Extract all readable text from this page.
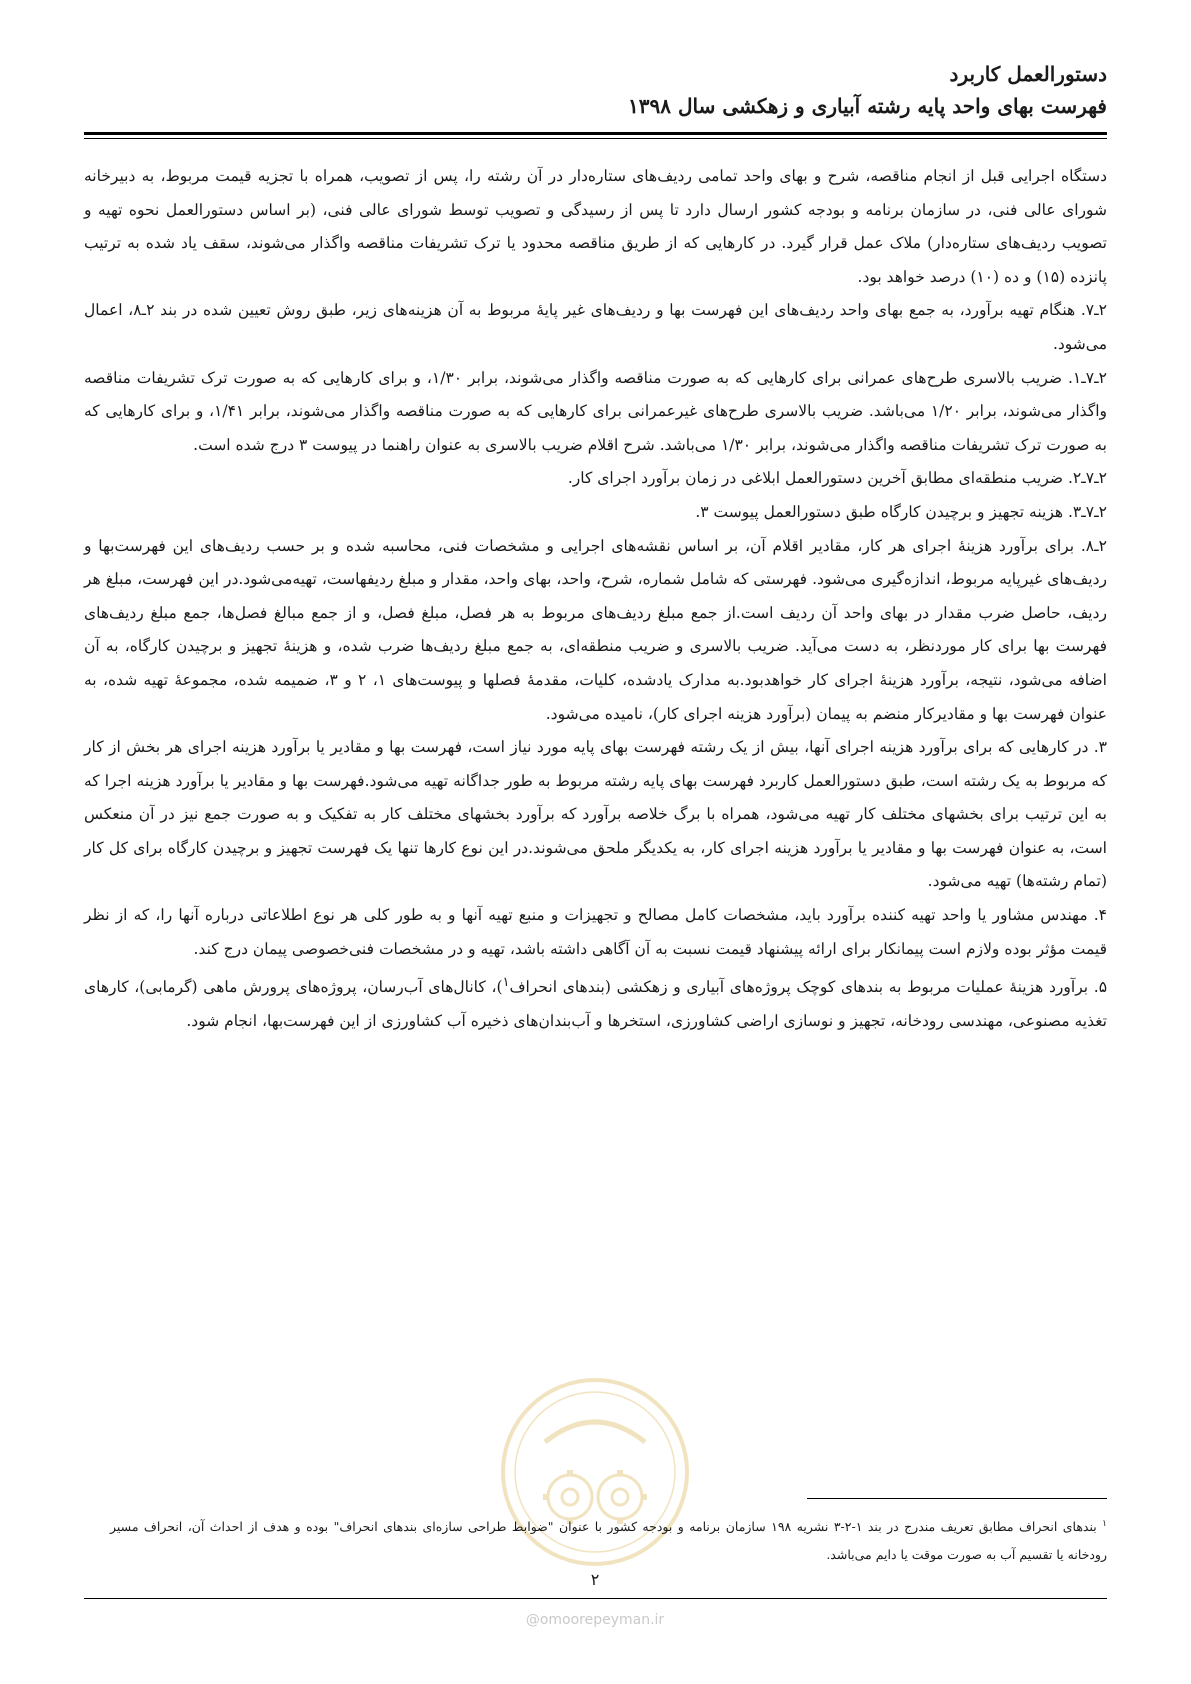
دستورالعمل کاربرد
فهرست بهای واحد پایه رشته آبیاری و زهکشی سال ۱۳۹۸

دستگاه اجرایی قبل از انجام مناقصه، شرح و بهای واحد تمامی ردیف‌های ستاره‌دار در آن رشته را، پس از تصویب، همراه با تجزیه قیمت مربوط، به دبیرخانه شورای عالی فنی، در سازمان برنامه و بودجه کشور ارسال دارد تا پس از رسیدگی و تصویب توسط شورای عالی فنی، (بر اساس دستورالعمل نحوه تهیه و تصویب ردیف‌های ستاره‌دار) ملاک عمل قرار گیرد. در کارهایی که از طریق مناقصه محدود یا ترک تشریفات مناقصه واگذار می‌شوند، سقف یاد شده به ترتیب پانزده (۱۵) و ده (۱۰) درصد خواهد بود.

۲ـ۷. هنگام تهیه برآورد، به جمع بهای واحد ردیف‌های این فهرست بها و ردیف‌های غیر پایهٔ مربوط به آن هزینه‌های زیر، طبق روش تعیین شده در بند ۲ـ۸، اعمال می‌شود.

۲ـ۷ـ۱. ضریب بالاسری طرح‌های عمرانی برای کارهایی که به صورت مناقصه واگذار می‌شوند، برابر ۱/۳۰، و برای کارهایی که به صورت ترک تشریفات مناقصه واگذار می‌شوند، برابر ۱/۲۰ می‌باشد. ضریب بالاسری طرح‌های غیرعمرانی برای کارهایی که به صورت مناقصه واگذار می‌شوند، برابر ۱/۴۱، و برای کارهایی که به صورت ترک تشریفات مناقصه واگذار می‌شوند، برابر ۱/۳۰ می‌باشد. شرح اقلام ضریب بالاسری به عنوان راهنما در پیوست ۳ درج شده است.

۲ـ۷ـ۲. ضریب منطقه‌ای مطابق آخرین دستورالعمل ابلاغی در زمان برآورد اجرای کار.

۲ـ۷ـ۳. هزینه تجهیز و برچیدن کارگاه طبق دستورالعمل پیوست ۳.

۲ـ۸. برای برآورد هزینهٔ اجرای هر کار، مقادیر اقلام آن، بر اساس نقشه‌های اجرایی و مشخصات فنی، محاسبه شده و بر حسب ردیف‌های این فهرست‌بها و ردیف‌های غیرپایه مربوط، اندازه‌گیری می‌شود. فهرستی که شامل شماره، شرح، واحد، بهای واحد، مقدار و مبلغ ردیفهاست، تهیه‌می‌شود.در این فهرست، مبلغ هر ردیف، حاصل ضرب مقدار در بهای واحد آن ردیف است.از جمع مبلغ ردیف‌های مربوط به هر فصل، مبلغ فصل، و از جمع مبالغ فصل‌ها، جمع مبلغ ردیف‌های فهرست بها برای کار موردنظر، به دست می‌آید. ضریب بالاسری و ضریب منطقه‌ای، به جمع مبلغ ردیف‌ها ضرب شده، و هزینهٔ تجهیز و برچیدن کارگاه، به آن اضافه می‌شود، نتیجه، برآورد هزینهٔ اجرای کار خواهدبود.به مدارک یادشده، کلیات، مقدمهٔ فصلها و پیوست‌های ۱، ۲ و ۳، ضمیمه شده، مجموعهٔ تهیه شده، به عنوان فهرست بها و مقادیرکار منضم به پیمان (برآورد هزینه اجرای کار)، نامیده می‌شود.

۳. در کارهایی که برای برآورد هزینه اجرای آنها، بیش از یک رشته فهرست بهای پایه مورد نیاز است، فهرست بها و مقادیر یا برآورد هزینه اجرای هر بخش از کار که مربوط به یک رشته است، طبق دستورالعمل کاربرد فهرست بهای پایه رشته مربوط به طور جداگانه تهیه می‌شود.فهرست بها و مقادیر یا برآورد هزینه اجرا که به این ترتیب برای بخشهای مختلف کار تهیه می‌شود، همراه با برگ خلاصه برآورد که برآورد بخشهای مختلف کار به تفکیک و به صورت جمع نیز در آن منعکس است، به عنوان فهرست بها و مقادیر یا برآورد هزینه اجرای کار، به یکدیگر ملحق می‌شوند.در این نوع کارها تنها یک فهرست تجهیز و برچیدن کارگاه برای کل کار (تمام رشته‌ها) تهیه می‌شود.

۴. مهندس مشاور یا واحد تهیه کننده برآورد باید، مشخصات کامل مصالح و تجهیزات و منبع تهیه آنها و به طور کلی هر نوع اطلاعاتی درباره آنها را، که از نظر قیمت مؤثر بوده ولازم است پیمانکار برای ارائه پیشنهاد قیمت نسبت به آن آگاهی داشته باشد، تهیه و در مشخصات فنی‌خصوصی پیمان درج کند.

۵. برآورد هزینهٔ عملیات مربوط به بندهای کوچک پروژه‌های آبیاری و زهکشی (بندهای انحراف$^۱$)، کانال‌های آب‌رسان، پروژه‌های پرورش ماهی (گرمابی)، کارهای تغذیه مصنوعی، مهندسی رودخانه، تجهیز و نوسازی اراضی کشاورزی، استخرها و آب‌بندان‌های ذخیره آب کشاورزی از این فهرست‌بها، انجام شود.

$^۱$ بندهای انحراف مطابق تعریف مندرج در بند ۱-۲-۳ نشریه ۱۹۸ سازمان برنامه و بودجه کشور با عنوان "ضوابط طراحی سازه‌ای بندهای انحراف" بوده و هدف از احداث آن، انحراف مسیر رودخانه یا تقسیم آب به صورت موقت یا دایم می‌باشد.
۲
@omoorepeyman.ir
